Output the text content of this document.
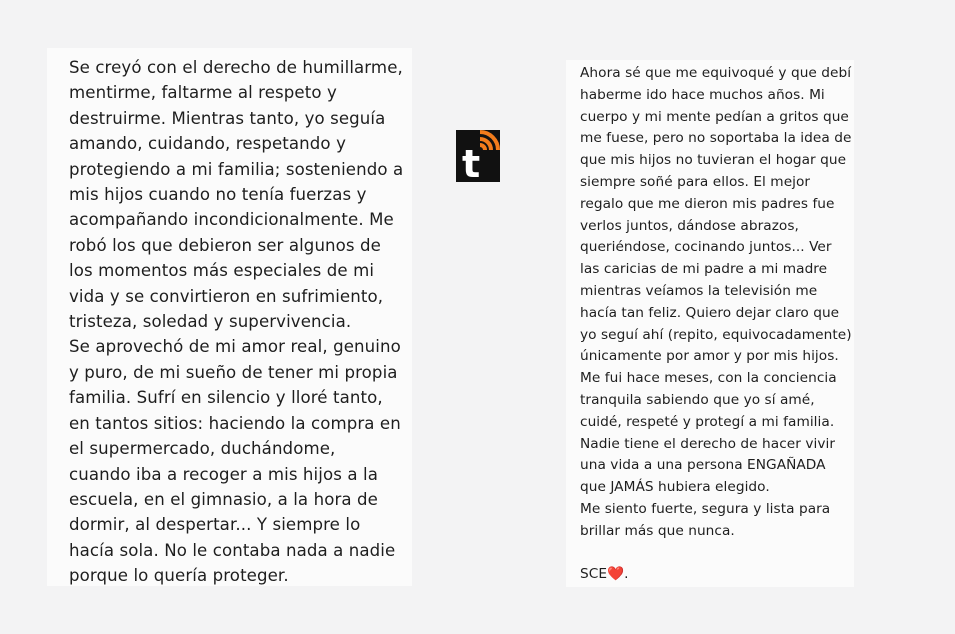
Se creyó con el derecho de humillarme,
mentirme, faltarme al respeto y
destruirme. Mientras tanto, yo seguía
amando, cuidando, respetando y
protegiendo a mi familia; sosteniendo a
mis hijos cuando no tenía fuerzas y
acompañando incondicionalmente. Me
robó los que debieron ser algunos de
los momentos más especiales de mi
vida y se convirtieron en sufrimiento,
tristeza, soledad y supervivencia.
Se aprovechó de mi amor real, genuino
y puro, de mi sueño de tener mi propia
familia. Sufrí en silencio y lloré tanto,
en tantos sitios: haciendo la compra en
el supermercado, duchándome,
cuando iba a recoger a mis hijos a la
escuela, en el gimnasio, a la hora de
dormir, al despertar... Y siempre lo
hacía sola. No le contaba nada a nadie
porque lo quería proteger.
t
Ahora sé que me equivoqué y que debí
haberme ido hace muchos años. Mi
cuerpo y mi mente pedían a gritos que
me fuese, pero no soportaba la idea de
que mis hijos no tuvieran el hogar que
siempre soñé para ellos. El mejor
regalo que me dieron mis padres fue
verlos juntos, dándose abrazos,
queriéndose, cocinando juntos... Ver
las caricias de mi padre a mi madre
mientras veíamos la televisión me
hacía tan feliz. Quiero dejar claro que
yo seguí ahí (repito, equivocadamente)
únicamente por amor y por mis hijos.
Me fui hace meses, con la conciencia
tranquila sabiendo que yo sí amé,
cuidé, respeté y protegí a mi familia.
Nadie tiene el derecho de hacer vivir
una vida a una persona ENGAÑADA
que JAMÁS hubiera elegido.
Me siento fuerte, segura y lista para
brillar más que nunca.
SCE❤️.
